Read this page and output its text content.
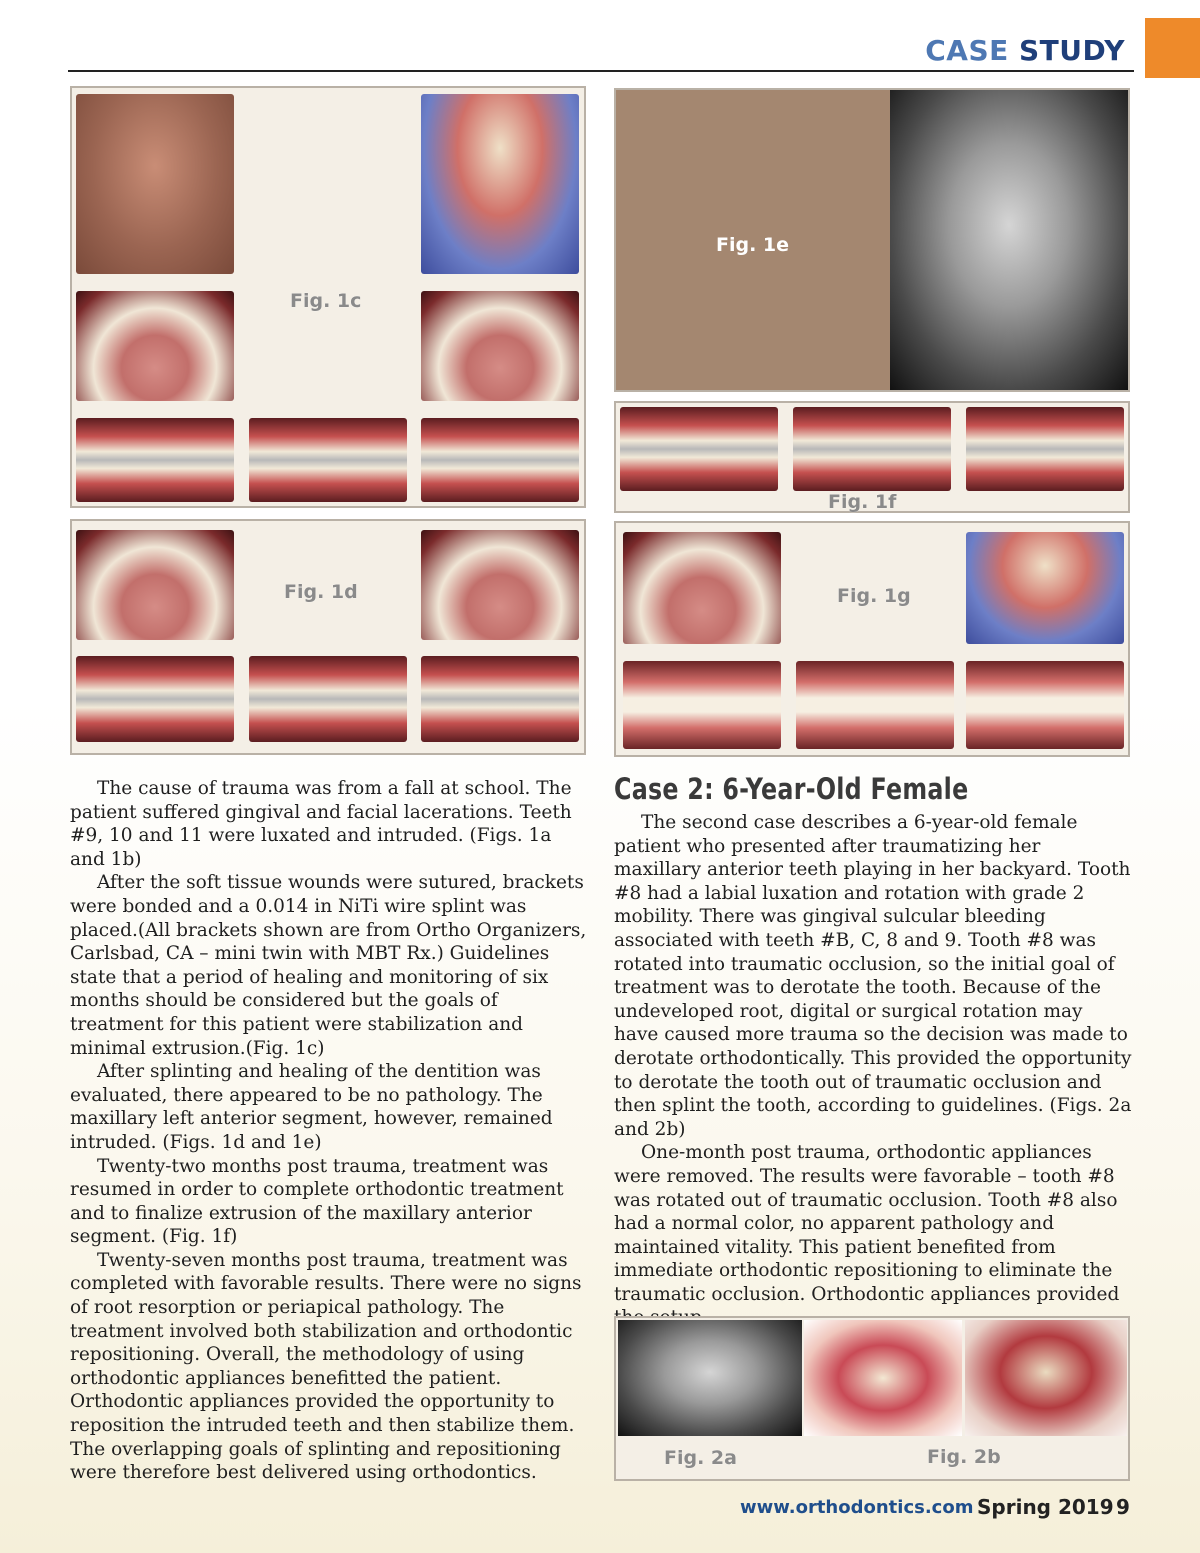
CASE STUDY
Fig. 1c
Fig. 1d
Fig. 1e
Fig. 1f
Fig. 1g

The cause of trauma was from a fall at school. The patient suffered gingival and facial lacerations. Teeth #9, 10 and 11 were luxated and intruded. (Figs. 1a and 1b)

After the soft tissue wounds were sutured, brackets were bonded and a 0.014 in NiTi wire splint was placed.(All brackets shown are from Ortho Organizers, Carlsbad, CA – mini twin with MBT Rx.) Guidelines state that a period of healing and monitoring of six months should be considered but the goals of treatment for this patient were stabilization and minimal extrusion.(Fig. 1c)

After splinting and healing of the dentition was evaluated, there appeared to be no pathology. The maxillary left anterior segment, however, remained intruded. (Figs. 1d and 1e)

Twenty-two months post trauma, treatment was resumed in order to complete orthodontic treatment and to finalize extrusion of the maxillary anterior segment. (Fig. 1f)

Twenty-seven months post trauma, treatment was completed with favorable results. There were no signs of root resorption or periapical pathology. The treatment involved both stabilization and orthodontic repositioning. Overall, the methodology of using orthodontic appliances benefitted the patient. Orthodontic appliances provided the opportunity to reposition the intruded teeth and then stabilize them. The overlapping goals of splinting and repositioning were therefore best delivered using orthodontics.

Case 2: 6-Year-Old Female

The second case describes a 6-year-old female patient who presented after traumatizing her maxillary anterior teeth playing in her backyard. Tooth #8 had a labial luxation and rotation with grade 2 mobility. There was gingival sulcular bleeding associated with teeth #B, C, 8 and 9. Tooth #8 was rotated into traumatic occlusion, so the initial goal of treatment was to derotate the tooth. Because of the undeveloped root, digital or surgical rotation may have caused more trauma so the decision was made to derotate orthodontically. This provided the opportunity to derotate the tooth out of traumatic occlusion and then splint the tooth, according to guidelines. (Figs. 2a and 2b)

One-month post trauma, orthodontic appliances were removed. The results were favorable – tooth #8 was rotated out of traumatic occlusion. Tooth #8 also had a normal color, no apparent pathology and maintained vitality. This patient benefited from immediate orthodontic repositioning to eliminate the traumatic occlusion. Orthodontic appliances provided

Fig. 2a	Fig. 2b
www.orthodontics.com Spring 2019 9
